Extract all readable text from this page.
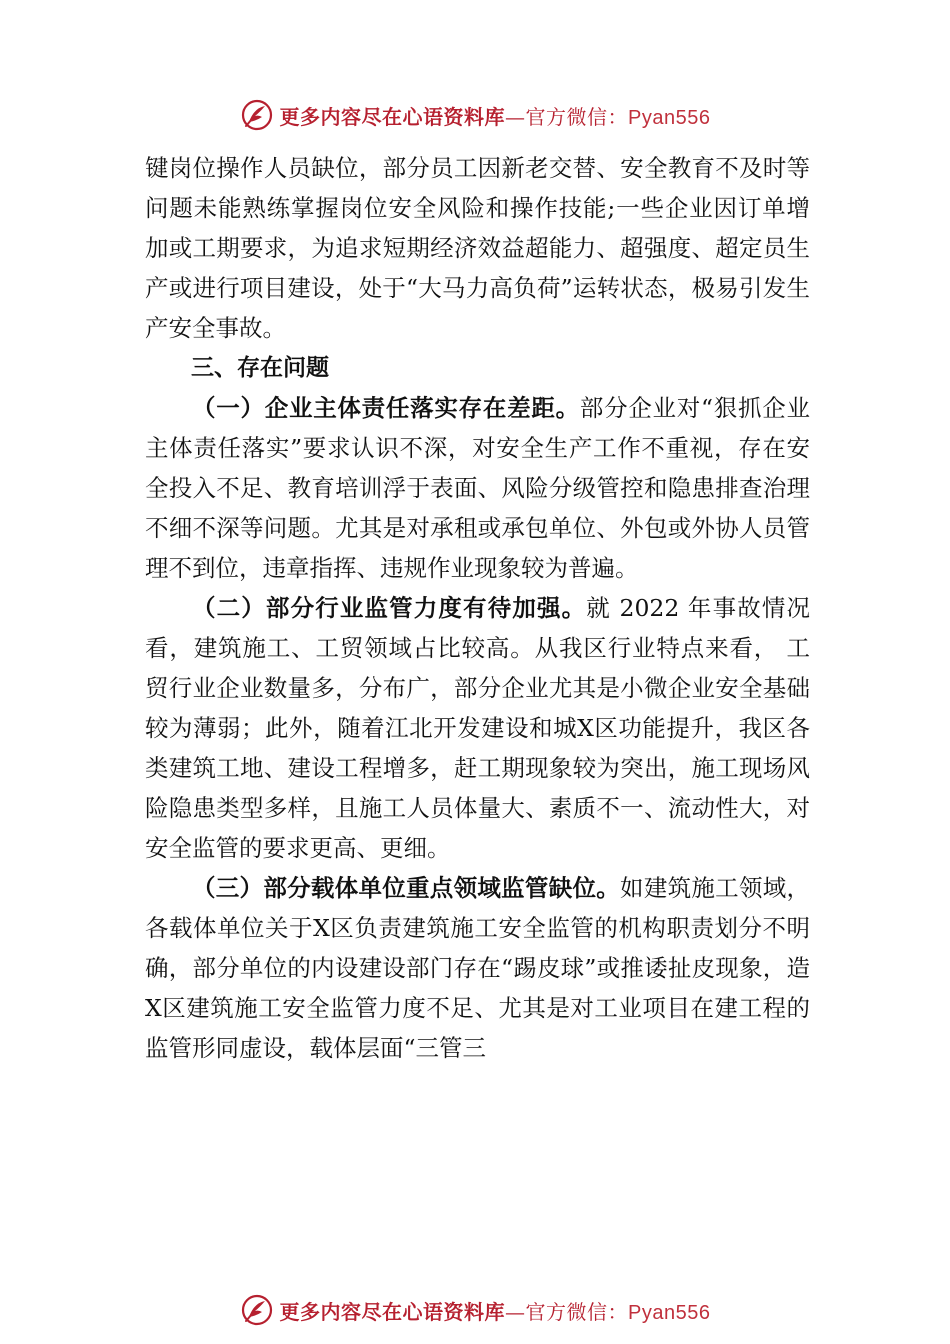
更多内容尽在心语资料库—官方微信：Pyan556

键岗位操作人员缺位，部分员工因新老交替、安全教育不及时等问题未能熟练掌握岗位安全风险和操作技能;一些企业因订单增加或工期要求，为追求短期经济效益超能力、超强度、超定员生产或进行项目建设，处于“大马力高负荷”运转状态，极易引发生产安全事故。

三、存在问题

（一）企业主体责任落实存在差距。部分企业对“狠抓企业主体责任落实”要求认识不深，对安全生产工作不重视，存在安全投入不足、教育培训浮于表面、风险分级管控和隐患排查治理不细不深等问题。尤其是对承租或承包单位、外包或外协人员管理不到位，违章指挥、违规作业现象较为普遍。

（二）部分行业监管力度有待加强。就 2022 年事故情况看，建筑施工、工贸领域占比较高。从我区行业特点来看， 工贸行业企业数量多，分布广，部分企业尤其是小微企业安全基础较为薄弱；此外，随着江北开发建设和城X区功能提升，我区各类建筑工地、建设工程增多，赶工期现象较为突出，施工现场风险隐患类型多样，且施工人员体量大、素质不一、流动性大，对安全监管的要求更高、更细。

（三）部分载体单位重点领域监管缺位。如建筑施工领域，各载体单位关于X区负责建筑施工安全监管的机构职责划分不明确，部分单位的内设建设部门存在“踢皮球”或推诿扯皮现象，造X区建筑施工安全监管力度不足、尤其是对工业项目在建工程的监管形同虚设，载体层面“三管三

更多内容尽在心语资料库—官方微信：Pyan556
